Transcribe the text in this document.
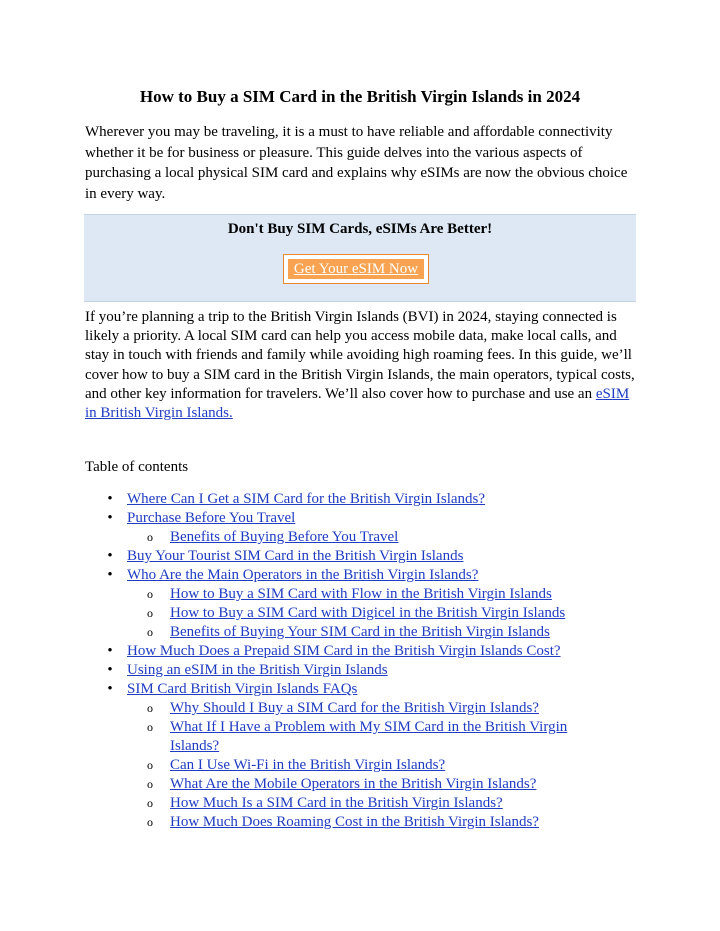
How to Buy a SIM Card in the British Virgin Islands in 2024
Wherever you may be traveling, it is a must to have reliable and affordable connectivity whether it be for business or pleasure. This guide delves into the various aspects of purchasing a local physical SIM card and explains why eSIMs are now the obvious choice in every way.
Don't Buy SIM Cards, eSIMs Are Better!
Get Your eSIM Now
If you’re planning a trip to the British Virgin Islands (BVI) in 2024, staying connected is likely a priority. A local SIM card can help you access mobile data, make local calls, and stay in touch with friends and family while avoiding high roaming fees. In this guide, we’ll cover how to buy a SIM card in the British Virgin Islands, the main operators, typical costs, and other key information for travelers. We’ll also cover how to purchase and use an eSIM in British Virgin Islands.
Table of contents
• Where Can I Get a SIM Card for the British Virgin Islands?
• Purchase Before You Travel
o Benefits of Buying Before You Travel
• Buy Your Tourist SIM Card in the British Virgin Islands
• Who Are the Main Operators in the British Virgin Islands?
o How to Buy a SIM Card with Flow in the British Virgin Islands
o How to Buy a SIM Card with Digicel in the British Virgin Islands
o Benefits of Buying Your SIM Card in the British Virgin Islands
• How Much Does a Prepaid SIM Card in the British Virgin Islands Cost?
• Using an eSIM in the British Virgin Islands
• SIM Card British Virgin Islands FAQs
o Why Should I Buy a SIM Card for the British Virgin Islands?
o What If I Have a Problem with My SIM Card in the British Virgin Islands?
o Can I Use Wi-Fi in the British Virgin Islands?
o What Are the Mobile Operators in the British Virgin Islands?
o How Much Is a SIM Card in the British Virgin Islands?
o How Much Does Roaming Cost in the British Virgin Islands?
